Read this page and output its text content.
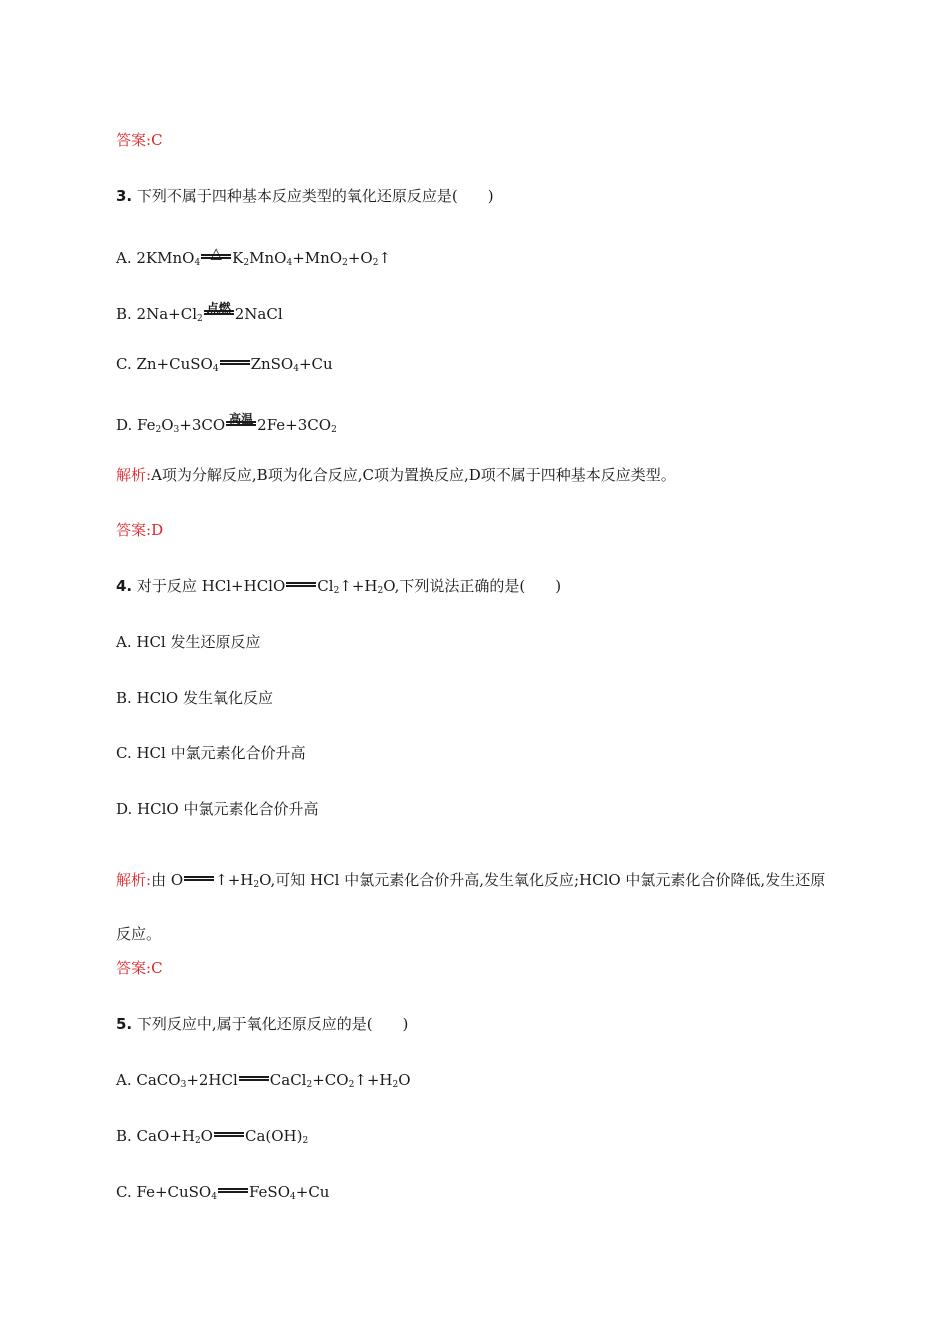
答案:C

3. 下列不属于四种基本反应类型的氧化还原反应是(   )

A. 2KMnO$_4$
△ $K_2MnO_4+MnO_2+O_2↑$

B. $2Na+Cl_2$
点燃 2NaCl

C. Zn+CuSO$_4$ ZnSO$_4$+Cu

D. $Fe_2O_3+3CO$ 高温 $2Fe+3CO_2$

解析:A项为分解反应,B项为化合反应,C项为置换反应,D项不属于四种基本反应类型。

答案:D

4. 对于反应 HCl+HClO $Cl_2↑+H_2O$,下列说法正确的是(   )

A. HCl 发生还原反应

B. HClO 发生氧化反应

C. HCl 中氯元素化合价升高

D. HClO 中氯元素化合价升高

解析:由 O $↑+H_2O$,可知 HCl 中氯元素化合价升高,发生氧化反应;HClO 中氯元素化合价降低,发生还原反应。

答案:C

5. 下列反应中,属于氧化还原反应的是(   )

A. CaCO$_3$+2HCl $CaCl_2+CO_2↑+H_2O$

B. $CaO+H_2O$ $Ca(OH)_2$

C. Fe+CuSO$_4$ FeSO$_4$+Cu
